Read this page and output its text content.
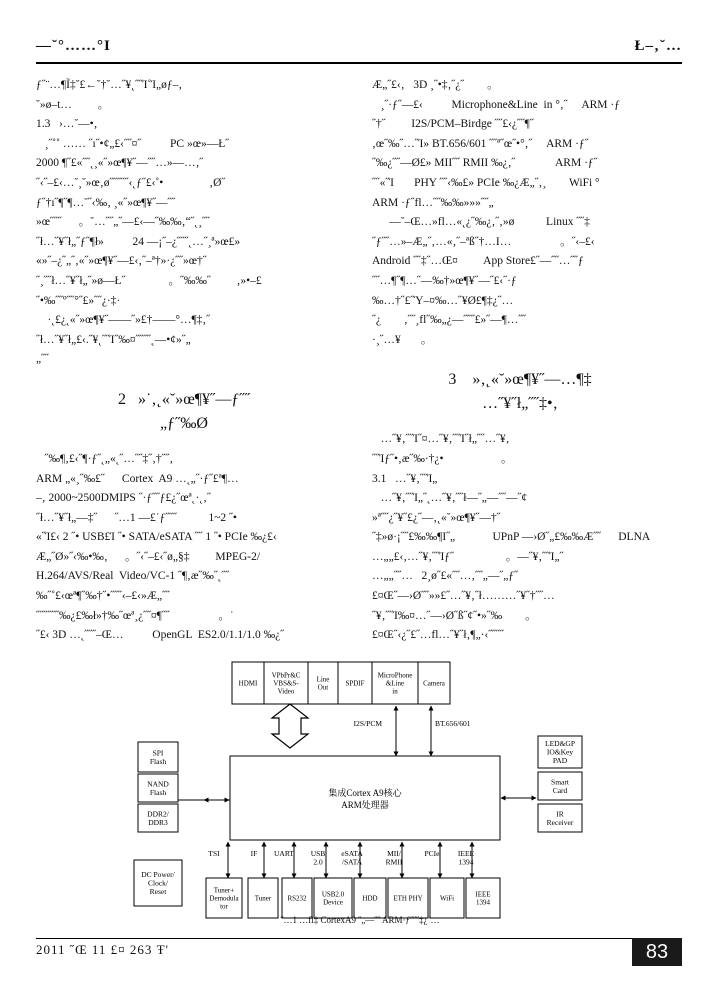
—˘°……°Ι	Ł–‚˘…
ƒ˝¨…¶Ĩ‡˘£←˘†˘…˝¥˛˝˝Ί˚Ί„øƒ–‚
˘»ø–t…         。
1.3   ›…˘—•‚
¸˝˚˚ …… ˝ı˝•¢„£‹˝˝¤˝          PC »œ»—Ł˝
2000 ¶˝£«˝˝˛¸«˝»œ¶¥˝—˝˝…»—…‚˝
˝‹˝–£‹…˘¸˘»œ‚ø˝˝˝˝˝‹˛ƒ˝£‹˚•                ‚Ø˝
ƒ˝†ı˝¶˝¶…˘˝‹‰‚ ¸«˝»œ¶¥˝—˝˝
»œ˝˝˝      。˘…˝˝„˝—£‹—˝‰‰‚“˝˛¸˝˝
˝ł…˝¥˝ł„˝ƒ˝¶ł»          24 —¡˝–¿˝˝˝˛…˝¸ª»œ£»
«»˝–¿˝„˝‚«˝»œ¶¥˝—£‹‚˝–ª†»·¿˝˝»œ†˝
˝¸˝˝ł…˝¥˝ł„˝»ø—Ł˝               。˝‰‰˝         ‚»•–£
˝•‰˝˝º˝˝°˝£»˝˝¿·‡·
·˛£¿˛«˝»œ¶¥˝——˝»£†——°…¶‡‚˝
˝ł…˝¥˝ł„£‹.˝¥˛˝˝Ί˝‰¤˝˝˝˝˛—•¢»˝„
„˝˝
2   »˙‚˛«˘»œ¶¥˝—ƒ˝˝
„ƒ˝‰Ø
˝‰¶‚£‹˝¶·ƒ˝˛„«˛˝…˝˝‡˝‚†˝˝‚
ARM „«¸˝‰£˝      Cortex  A9 …˛„˝·ƒ˝£ª¶…
–‚ 2000~2500DMIPS ˝·ƒ˝˝ƒ£¿˝œª˛·˛‚˝
˝ł…˝¥˝ł„—‡˝      ˝…1 —£˙ƒ˝˝˝           1~2 ˝•
«˝Ί£‹ 2 ˝• USB£Ί ˝• SATA/eSATA ˝˝ 1 ˝• PCIe ‰¿£‹
Æ„˝Ø»˝‹‰•‰‚      。˝‹˝–£‹˝ø„§‡         MPEG-2/
H.264/AVS/Real  Video/VC-1 ˝¶‚æ˝‰˝˛˝˝
‰˝˚£‹œª¶˝‰†˝•˝˝˝‹–£‹»Æ„˝˝
˝˝˝˝˝˝‰¿£‰ł»†‰˝œª¸¿˝˝¤¶˝˝                 。˙
˝£‹ 3D …˛˝˝˝–Œ…          OpenGL  ES2.0/1.1/1.0 ‰¿˝
Æ„˝£‹‚   3D ¸˝•‡‚˝¿˝        。
¸˝·ƒ˝—£‹          Microphone&Line  in °‚˝     ARM ·ƒ
˝†˝         I2S/PCM–Birdge ˝˝£‹¿˝˝¶˝
‚œ˝‰˝…˝Ί» BT.656/601 ˝˝ª˝œ˝•°‚˝     ARM ·ƒ˝
˝‰¿˝˝—Ø£» MII˝˝ RMII ‰¿‚˝              ARM ·ƒ˝
˝˝«˝Ί       PHY ˝˝‹‰£» PCIe ‰¿Æ„˝‚¸        WiFi °
ARM ·ƒ˝fl…˝˝‰‰»»»˝˝„
—˘–Œ…»fl…«˛¿˝‰¿‚˝‚»ø           Linux ˝˝‡
˝ƒ˝˝…»–Æ„˝‚…«‚˝–ªß˝†…Ι…                 。˝‹–£‹
Android ˝˝‡˝…Œ¤         App Store£˝—˝˝…˝˝ƒ
˝˝…¶˝¶…˝—‰†»œ¶¥˝—˝£‹˝·ƒ
‰…†˝£˝Ύ–¤‰…˝¥Ø£¶‡¿˝…
˝¿        ‚˝˝¸fl˝‰„¿—˝˝˝£»˝—¶…˝˝
·¸˝…¥       。
3    »‚˛«˘»œ¶¥˝—…¶‡
…˝¥˝ł„˝˝‡•‚
…˝¥‚˝˝Ί˝¤…˝¥‚˝˝Ί˝ł„˝˝…˝¥‚
˝˝Ίƒ˝•‚æ˝‰·†¿•                    。
3.1   …˝¥‚˝˝Ί„
…˝¥‚˝˝Ί„˝˛…˝¥‚˝˝ł—˝„—˝˝—˝¢
»ª˝˝¿˝¥˝£¿˝—‚˛«˘»œ¶¥˝—†˝
˝‡»ø·¡˝˝£‰‰¶Ι˝„             UPnP —›Ø˝„£‰‰Æ˝˝      DLNA
…„„£‹‚…˝¥‚˝˝Ίƒ˝                  。—˝¥‚˝˝Ί„˝
…„„˝˝…   2¸ø˝£«˝˝…‚˝˝„—˝„ƒ˝
£¤Œ˝—›Ø˝˝»»£˝…˝¥‚˝ł………˝¥˝†˝˝…
˝¥‚˝˝Ί‰¤…˝—›Ø˝ß˝¢˝•»˝‰        。
£¤Œ˝‹¿˝£˝…fl…˝¥˝ł‚¶„·‹˝˝˝˝
HDMI
VPbPr&C VBS&S-Video
Line Out SPDIF
MicroPhone &Line in
Camera
I2S/PCM	BT.656/601
集成Cortex A9核心
ARM处理器
SPI Flash
NAND Flash
DDR2/ DDR3
LED&GP IO&Key PAD
Smart Card
IR Receiver
TSI	IF UART USB 2.0
eSATA /SATA
MII/ RMII
PCIe IEEE 1394
Tuner+ Demodula tor
Tuner RS232 USB2.0 Device	HDD ETH PHY WiFi	IEEE 1394
DC Power/ Clock/ Reset
˝…1 …fl‡ CortexA9 ˝„—˝˝ ARM·ƒ˝˝˝‡¿˝…
2011 ˝Œ 11 £¤ 263 Ŧ'	83
